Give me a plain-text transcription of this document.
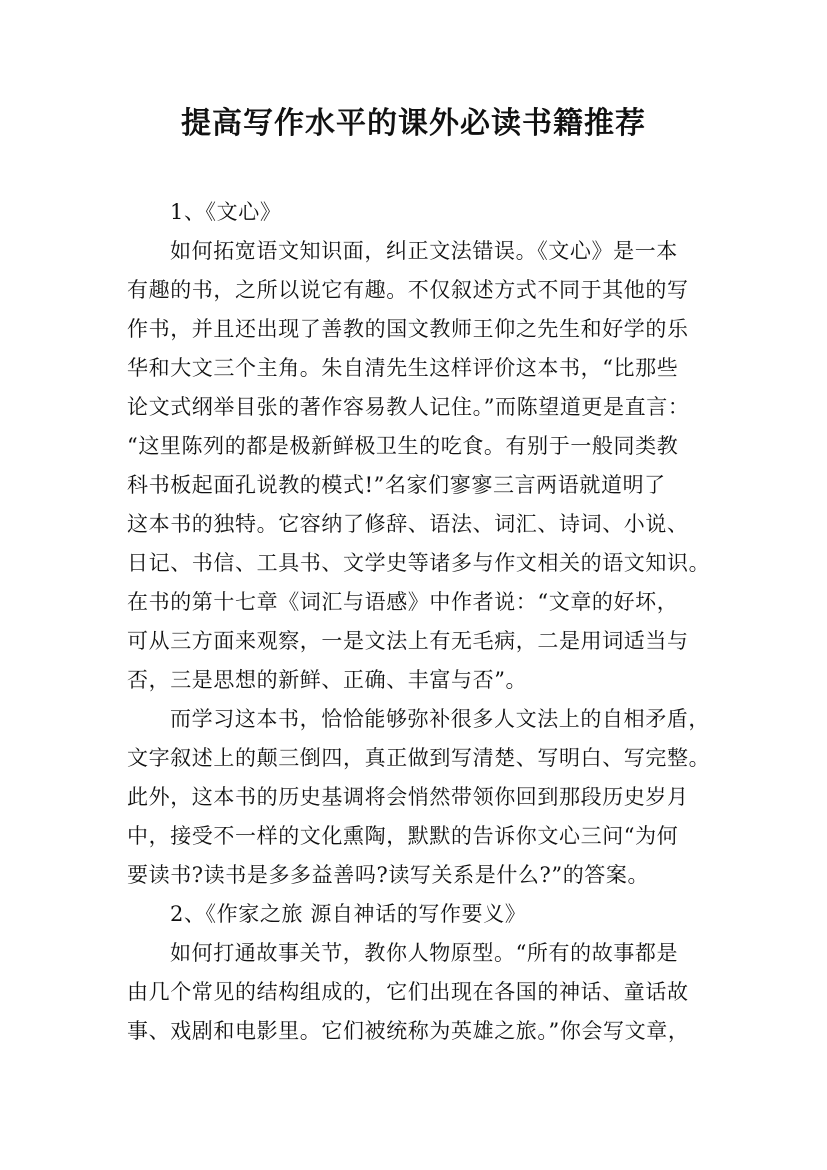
提高写作水平的课外必读书籍推荐
1、《文心》
如何拓宽语文知识面，纠正文法错误。《文心》是一本
有趣的书，之所以说它有趣。不仅叙述方式不同于其他的写
作书，并且还出现了善教的国文教师王仰之先生和好学的乐
华和大文三个主角。朱自清先生这样评价这本书，“比那些
论文式纲举目张的著作容易教人记住。”而陈望道更是直言：
“这里陈列的都是极新鲜极卫生的吃食。有别于一般同类教
科书板起面孔说教的模式!”名家们寥寥三言两语就道明了
这本书的独特。它容纳了修辞、语法、词汇、诗词、小说、
日记、书信、工具书、文学史等诸多与作文相关的语文知识。
在书的第十七章《词汇与语感》中作者说：“文章的好坏，
可从三方面来观察，一是文法上有无毛病，二是用词适当与
否，三是思想的新鲜、正确、丰富与否”。
而学习这本书，恰恰能够弥补很多人文法上的自相矛盾，
文字叙述上的颠三倒四，真正做到写清楚、写明白、写完整。
此外，这本书的历史基调将会悄然带领你回到那段历史岁月
中，接受不一样的文化熏陶，默默的告诉你文心三问“为何
要读书?读书是多多益善吗?读写关系是什么?”的答案。
2、《作家之旅 源自神话的写作要义》
如何打通故事关节，教你人物原型。“所有的故事都是
由几个常见的结构组成的，它们出现在各国的神话、童话故
事、戏剧和电影里。它们被统称为英雄之旅。”你会写文章，
